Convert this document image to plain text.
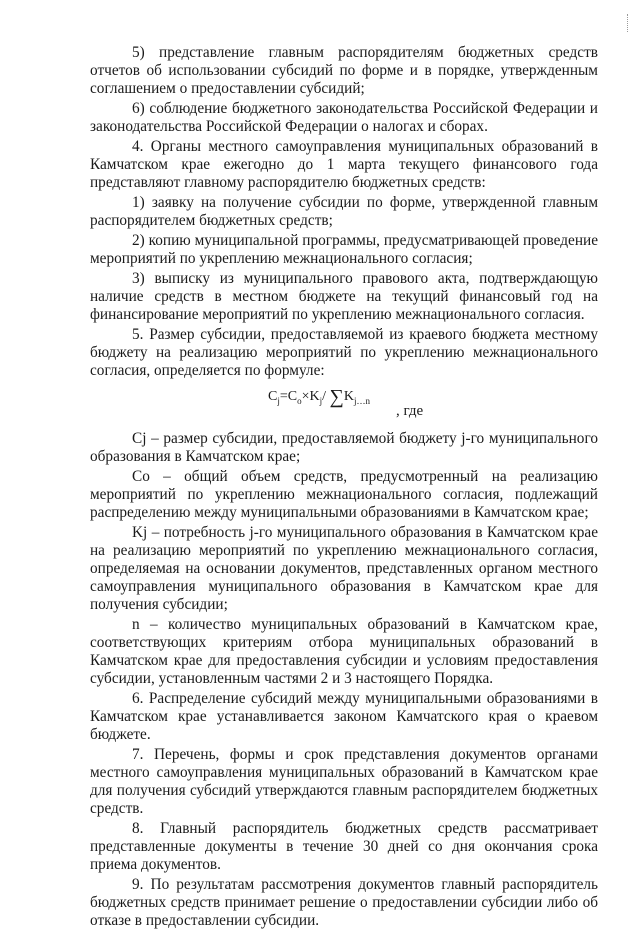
5) представление главным распорядителям бюджетных средств отчетов об использовании субсидий по форме и в порядке, утвержденным соглашением о предоставлении субсидий;

6) соблюдение бюджетного законодательства Российской Федерации и законодательства Российской Федерации о налогах и сборах.

4. Органы местного самоуправления муниципальных образований в Камчатском крае ежегодно до 1 марта текущего финансового года представляют главному распорядителю бюджетных средств:

1) заявку на получение субсидии по форме, утвержденной главным распорядителем бюджетных средств;

2) копию муниципальной программы, предусматривающей проведение мероприятий по укреплению межнационального согласия;

3) выписку из муниципального правового акта, подтверждающую наличие средств в местном бюджете на текущий финансовый год на финансирование мероприятий по укреплению межнационального согласия.

5. Размер субсидии, предоставляемой из краевого бюджета местному бюджету на реализацию мероприятий по укреплению межнационального согласия, определяется по формуле:

$C_j=C_o\times K_j/$ $\sum K_{j\dots n}$
, где

Cj – размер субсидии, предоставляемой бюджету j-го муниципального образования в Камчатском крае;

Co – общий объем средств, предусмотренный на реализацию мероприятий по укреплению межнационального согласия, подлежащий распределению между муниципальными образованиями в Камчатском крае;

Kj – потребность j-го муниципального образования в Камчатском крае на реализацию мероприятий по укреплению межнационального согласия, определяемая на основании документов, представленных органом местного самоуправления муниципального образования в Камчатском крае для получения субсидии;

n – количество муниципальных образований в Камчатском крае, соответствующих критериям отбора муниципальных образований в Камчатском крае для предоставления субсидии и условиям предоставления субсидии, установленным частями 2 и 3 настоящего Порядка.

6. Распределение субсидий между муниципальными образованиями в Камчатском крае устанавливается законом Камчатского края о краевом бюджете.

7. Перечень, формы и срок представления документов органами местного самоуправления муниципальных образований в Камчатском крае для получения субсидий утверждаются главным распорядителем бюджетных средств.

8. Главный распорядитель бюджетных средств рассматривает представленные документы в течение 30 дней со дня окончания срока приема документов.

9. По результатам рассмотрения документов главный распорядитель бюджетных средств принимает решение о предоставлении субсидии либо об отказе в предоставлении субсидии.
